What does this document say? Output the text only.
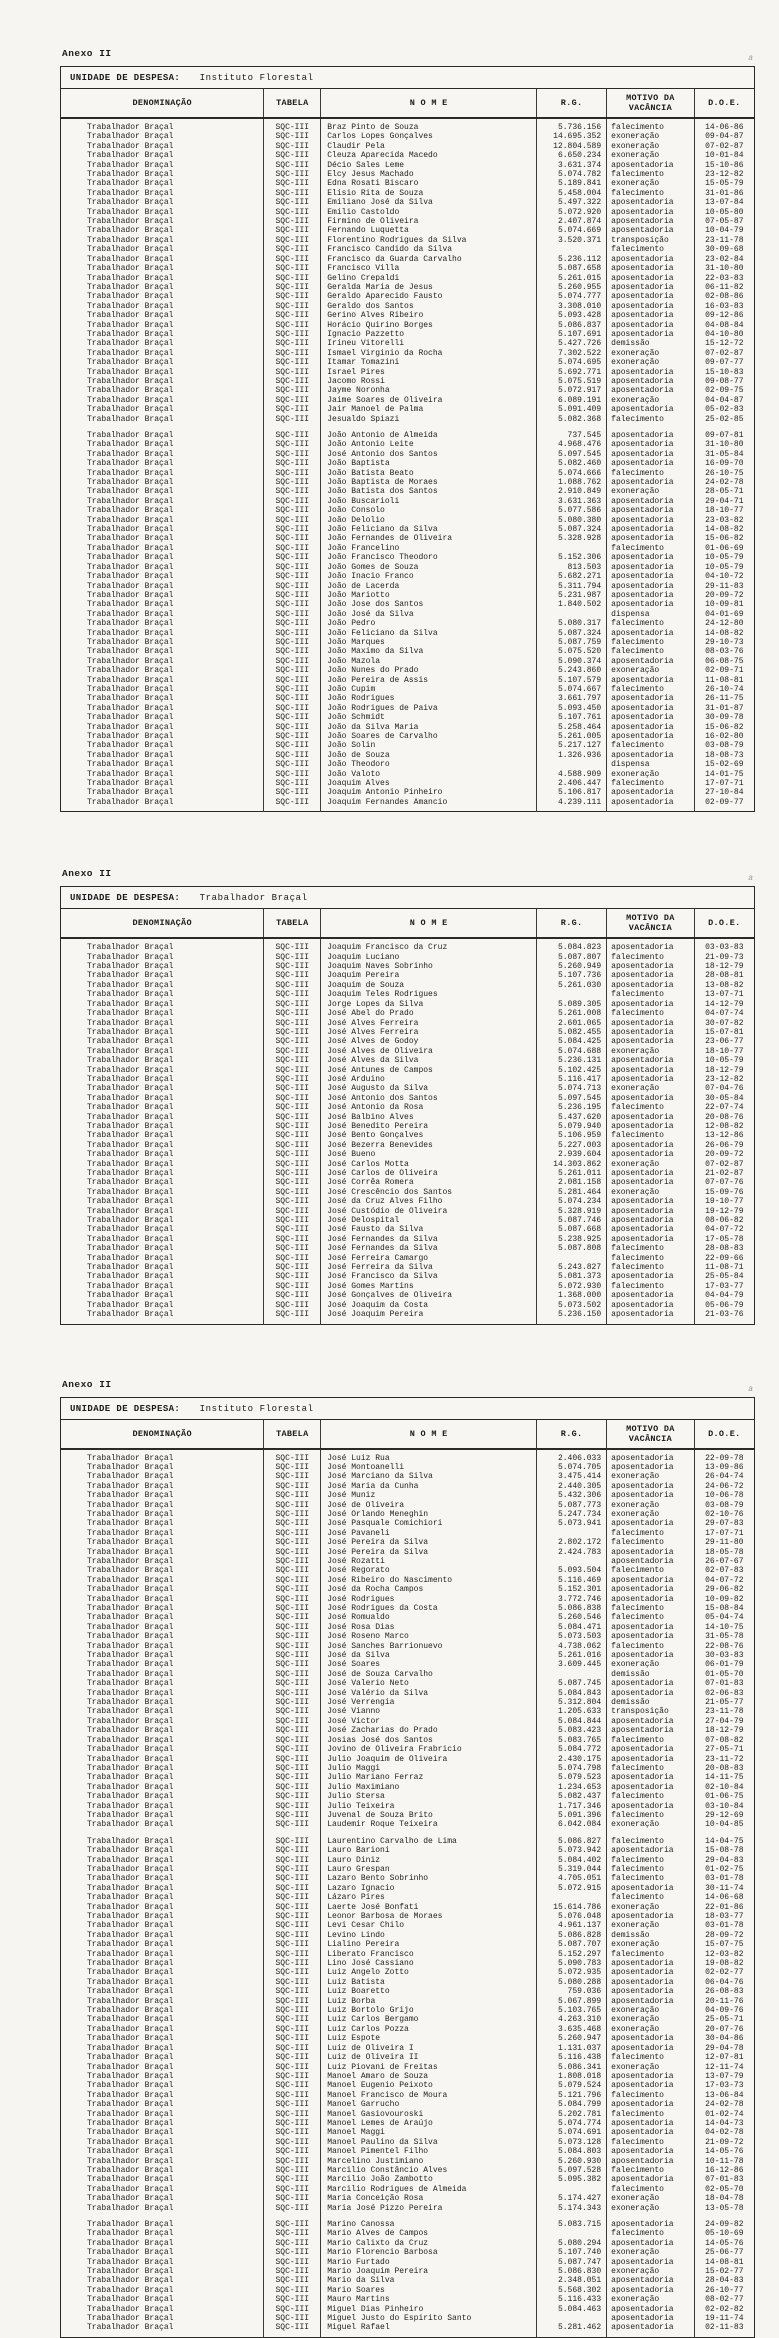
Anexo II	a
UNIDADE DE DESPESA: Instituto Florestal					
DENOMINAÇÃO	TABELA	N O M E	R.G.	MOTIVO DA
VACÂNCIA	D.O.E.
Trabalhador Braçal	SQC-III	Braz Pinto de Souza	5.736.156	falecimento	14-06-86
Trabalhador Braçal	SQC-III	Carlos Lopes Gonçalves	14.695.352	exoneração	09-04-87
Trabalhador Braçal	SQC-III	Claudir Pela	12.804.589	exoneração	07-02-87
Trabalhador Braçal	SQC-III	Cleuza Aparecida Macedo	6.650.234	exoneração	10-01-84
Trabalhador Braçal	SQC-III	Décio Sales Leme	3.631.374	aposentadoria	15-10-86
Trabalhador Braçal	SQC-III	Elcy Jesus Machado	5.074.782	falecimento	23-12-82
Trabalhador Braçal	SQC-III	Edna Rosati Biscaro	5.189.841	exoneração	15-05-79
Trabalhador Braçal	SQC-III	Elisio Rita de Souza	5.458.004	falecimento	31-01-86
Trabalhador Braçal	SQC-III	Emiliano José da Silva	5.497.322	aposentadoria	13-07-84
Trabalhador Braçal	SQC-III	Emilio Castoldo	5.072.920	aposentadoria	10-05-80
Trabalhador Braçal	SQC-III	Firmino de Oliveira	2.407.874	aposentadoria	07-05-87
Trabalhador Braçal	SQC-III	Fernando Luquetta	5.074.669	aposentadoria	10-04-79
Trabalhador Braçal	SQC-III	Florentino Rodrigues da Silva	3.520.371	transposição	23-11-78
Trabalhador Braçal	SQC-III	Francisco Candido da Silva		falecimento	30-09-68
Trabalhador Braçal	SQC-III	Francisco da Guarda Carvalho	5.236.112	aposentadoria	23-02-84
Trabalhador Braçal	SQC-III	Francisco Villa	5.087.658	aposentadoria	31-10-80
Trabalhador Braçal	SQC-III	Gelino Crepaldi	5.261.015	aposentadoria	22-03-83
Trabalhador Braçal	SQC-III	Geralda Maria de Jesus	5.260.955	aposentadoria	06-11-82
Trabalhador Braçal	SQC-III	Geraldo Aparecido Fausto	5.074.777	aposentadoria	02-08-86
Trabalhador Braçal	SQC-III	Geraldo dos Santos	3.308.010	aposentadoria	16-03-83
Trabalhador Braçal	SQC-III	Gerino Alves Ribeiro	5.093.428	aposentadoria	09-12-86
Trabalhador Braçal	SQC-III	Horácio Quirino Borges	5.086.837	aposentadoria	04-08-84
Trabalhador Braçal	SQC-III	Ignacio Pazzetto	5.107.691	aposentadoria	04-10-80
Trabalhador Braçal	SQC-III	Irineu Vitorelli	5.427.726	demissão	15-12-72
Trabalhador Braçal	SQC-III	Ismael Virginio da Rocha	7.302.522	exoneração	07-02-87
Trabalhador Braçal	SQC-III	Itamar Tomazini	5.074.695	exoneração	09-07-77
Trabalhador Braçal	SQC-III	Israel Pires	5.692.771	aposentadoria	15-10-83
Trabalhador Braçal	SQC-III	Jacomo Rossi	5.075.519	aposentadoria	09-08-77
Trabalhador Braçal	SQC-III	Jayme Noronha	5.072.917	aposentadoria	02-09-75
Trabalhador Braçal	SQC-III	Jaime Soares de Oliveira	6.089.191	exoneração	04-04-87
Trabalhador Braçal	SQC-III	Jair Manoel de Palma	5.091.409	aposentadoria	05-02-83
Trabalhador Braçal	SQC-III	Jesualdo Spiazi	5.082.368	falecimento	25-02-85

Trabalhador Braçal	SQC-III	João Antonio de Almeida	737.545	aposentadoria	09-07-81
Trabalhador Braçal	SQC-III	João Antonio Leite	4.968.476	aposentadoria	31-10-80
Trabalhador Braçal	SQC-III	José Antonio dos Santos	5.097.545	aposentadoria	31-05-84
Trabalhador Braçal	SQC-III	João Baptista	5.082.460	aposentadoria	16-09-70
Trabalhador Braçal	SQC-III	João Batista Beato	5.074.666	falecimento	26-10-75
Trabalhador Braçal	SQC-III	João Baptista de Moraes	1.088.762	aposentadoria	24-02-78
Trabalhador Braçal	SQC-III	João Batista dos Santos	2.910.849	exoneração	28-05-71
Trabalhador Braçal	SQC-III	João Buscarioli	3.631.363	aposentadoria	29-04-71
Trabalhador Braçal	SQC-III	João Consolo	5.077.586	aposentadoria	18-10-77
Trabalhador Braçal	SQC-III	João Delolio	5.080.380	aposentadoria	23-03-82
Trabalhador Braçal	SQC-III	João Feliciano da Silva	5.087.324	aposentadoria	14-08-82
Trabalhador Braçal	SQC-III	João Fernandes de Oliveira	5.328.928	aposentadoria	15-06-82
Trabalhador Braçal	SQC-III	João Francelino		falecimento	01-06-69
Trabalhador Braçal	SQC-III	João Francisco Theodoro	5.152.306	aposentadoria	10-05-79
Trabalhador Braçal	SQC-III	João Gomes de Souza	813.503	aposentadoria	10-05-79
Trabalhador Braçal	SQC-III	João Inacio Franco	5.682.271	aposentadoria	04-10-72
Trabalhador Braçal	SQC-III	João de Lacerda	5.311.794	aposentadoria	29-11-83
Trabalhador Braçal	SQC-III	João Mariotto	5.231.987	aposentadoria	20-09-72
Trabalhador Braçal	SQC-III	João Jose dos Santos	1.840.502	aposentadoria	10-09-81
Trabalhador Braçal	SQC-III	João José da Silva		dispensa	04-01-69
Trabalhador Braçal	SQC-III	João Pedro	5.080.317	falecimento	24-12-80
Trabalhador Braçal	SQC-III	João Feliciano da Silva	5.087.324	aposentadoria	14-08-82
Trabalhador Braçal	SQC-III	João Marques	5.087.759	falecimento	29-10-73
Trabalhador Braçal	SQC-III	João Maximo da Silva	5.075.520	falecimento	08-03-76
Trabalhador Braçal	SQC-III	João Mazola	5.090.374	aposentadoria	06-08-75
Trabalhador Braçal	SQC-III	João Nunes do Prado	5.243.860	exoneração	02-09-71
Trabalhador Braçal	SQC-III	João Pereira de Assis	5.107.579	aposentadoria	11-08-81
Trabalhador Braçal	SQC-III	João Cupim	5.074.667	falecimento	26-10-74
Trabalhador Braçal	SQC-III	João Rodrigues	3.661.797	aposentadoria	26-11-75
Trabalhador Braçal	SQC-III	João Rodrigues de Paiva	5.093.450	aposentadoria	31-01-87
Trabalhador Braçal	SQC-III	João Schmidt	5.107.761	aposentadoria	30-09-78
Trabalhador Braçal	SQC-III	João da Silva Maria	5.258.464	aposentadoria	15-06-82
Trabalhador Braçal	SQC-III	João Soares de Carvalho	5.261.005	aposentadoria	16-02-80
Trabalhador Braçal	SQC-III	João Solin	5.217.127	falecimento	03-08-79
Trabalhador Braçal	SQC-III	João de Souza	1.326.936	aposentadoria	18-08-73
Trabalhador Braçal	SQC-III	João Theodoro		dispensa	15-02-69
Trabalhador Braçal	SQC-III	João Valoto	4.588.909	exoneração	14-01-75
Trabalhador Braçal	SQC-III	Joaquim Alves	2.406.447	falecimento	17-07-71
Trabalhador Braçal	SQC-III	Joaquim Antonio Pinheiro	5.106.817	aposentadoria	27-10-84
Trabalhador Braçal	SQC-III	Joaquim Fernandes Amancio	4.239.111	aposentadoria	02-09-77
Anexo II	a
UNIDADE DE DESPESA: Trabalhador Braçal					
DENOMINAÇÃO	TABELA	N O M E	R.G.	MOTIVO DA
VACÂNCIA	D.O.E.
Trabalhador Braçal	SQC-III	Joaquim Francisco da Cruz	5.084.823	aposentadoria	03-03-83
Trabalhador Braçal	SQC-III	Joaquim Luciano	5.087.807	falecimento	21-09-73
Trabalhador Braçal	SQC-III	Joaquim Naves Sobrinho	5.260.949	aposentadoria	18-12-79
Trabalhador Braçal	SQC-III	Joaquim Pereira	5.107.736	aposentadoria	28-08-81
Trabalhador Braçal	SQC-III	Joaquim de Souza	5.261.030	aposentadoria	13-08-82
Trabalhador Braçal	SQC-III	Joaquim Teles Rodrigues		falecimento	13-07-71
Trabalhador Braçal	SQC-III	Jorge Lopes da Silva	5.089.305	aposentadoria	14-12-79
Trabalhador Braçal	SQC-III	José Abel do Prado	5.261.008	falecimento	04-07-74
Trabalhador Braçal	SQC-III	José Alves Ferreira	2.601.065	aposentadoria	30-07-82
Trabalhador Braçal	SQC-III	José Alves Ferreira	5.082.455	aposentadoria	15-07-81
Trabalhador Braçal	SQC-III	José Alves de Godoy	5.084.425	aposentadoria	23-06-77
Trabalhador Braçal	SQC-III	José Alves de Oliveira	5.074.688	exoneração	18-10-77
Trabalhador Braçal	SQC-III	José Alves da Silva	5.236.131	aposentadoria	10-05-79
Trabalhador Braçal	SQC-III	José Antunes de Campos	5.102.425	aposentadoria	18-12-79
Trabalhador Braçal	SQC-III	José Arduino	5.116.417	aposentadoria	23-12-82
Trabalhador Braçal	SQC-III	José Augusto da Silva	5.074.713	exoneração	07-04-76
Trabalhador Braçal	SQC-III	José Antonio dos Santos	5.097.545	aposentadoria	30-05-84
Trabalhador Braçal	SQC-III	José Antonio da Rosa	5.236.195	falecimento	22-07-74
Trabalhador Braçal	SQC-III	José Balbino Alves	5.437.620	aposentadoria	20-08-76
Trabalhador Braçal	SQC-III	José Benedito Pereira	5.079.940	aposentadoria	12-08-82
Trabalhador Braçal	SQC-III	José Bento Gonçalves	5.106.959	falecimento	13-12-86
Trabalhador Braçal	SQC-III	José Bezerra Benevides	5.227.003	aposentadoria	26-06-79
Trabalhador Braçal	SQC-III	José Bueno	2.939.604	aposentadoria	20-09-72
Trabalhador Braçal	SQC-III	José Carlos Motta	14.303.862	exoneração	07-02-87
Trabalhador Braçal	SQC-III	José Carlos de Oliveira	5.261.011	aposentadoria	21-02-87
Trabalhador Braçal	SQC-III	José Corrêa Romera	2.081.158	aposentadoria	07-07-76
Trabalhador Braçal	SQC-III	José Crescêncio dos Santos	5.281.464	exoneração	15-09-76
Trabalhador Braçal	SQC-III	José da Cruz Alves Filho	5.074.234	aposentadoria	19-10-77
Trabalhador Braçal	SQC-III	José Custódio de Oliveira	5.328.919	aposentadoria	19-12-79
Trabalhador Braçal	SQC-III	José Delospital	5.087.746	aposentadoria	08-06-82
Trabalhador Braçal	SQC-III	José Fausto da Silva	5.087.668	aposentadoria	04-07-72
Trabalhador Braçal	SQC-III	José Fernandes da Silva	5.238.925	aposentadoria	17-05-78
Trabalhador Braçal	SQC-III	José Fernandes da Silva	5.087.808	falecimento	28-08-83
Trabalhador Braçal	SQC-III	José Ferreira Camargo		falecimento	22-09-66
Trabalhador Braçal	SQC-III	José Ferreira da Silva	5.243.827	falecimento	11-08-71
Trabalhador Braçal	SQC-III	José Francisco da Silva	5.081.373	aposentadoria	25-05-84
Trabalhador Braçal	SQC-III	José Gomes Martins	5.072.930	falecimento	17-03-77
Trabalhador Braçal	SQC-III	José Gonçalves de Oliveira	1.368.000	aposentadoria	04-04-79
Trabalhador Braçal	SQC-III	José Joaquim da Costa	5.073.502	aposentadoria	05-06-79
Trabalhador Braçal	SQC-III	José Joaquim Pereira	5.236.150	aposentadoria	21-03-76
Anexo II	a
UNIDADE DE DESPESA: Instituto Florestal					
DENOMINAÇÃO	TABELA	N O M E	R.G.	MOTIVO DA
VACÂNCIA	D.O.E.
Trabalhador Braçal	SQC-III	José Luiz Rua	2.406.033	aposentadoria	22-09-78
Trabalhador Braçal	SQC-III	José Montoanelli	5.074.705	aposentadoria	13-09-86
Trabalhador Braçal	SQC-III	José Marciano da Silva	3.475.414	exoneração	26-04-74
Trabalhador Braçal	SQC-III	José Maria da Cunha	2.440.305	aposentadoria	24-06-72
Trabalhador Braçal	SQC-III	José Muniz	5.432.306	aposentadoria	10-06-78
Trabalhador Braçal	SQC-III	José de Oliveira	5.087.773	exoneração	03-08-79
Trabalhador Braçal	SQC-III	José Orlando Meneghin	5.247.734	exoneração	02-10-76
Trabalhador Braçal	SQC-III	José Pasquale Comichiori	5.073.941	aposentadoria	29-07-83
Trabalhador Braçal	SQC-III	José Pavaneli		falecimento	17-07-71
Trabalhador Braçal	SQC-III	José Pereira da Silva	2.802.172	falecimento	29-11-80
Trabalhador Braçal	SQC-III	José Pereira da Silva	2.424.783	aposentadoria	18-05-78
Trabalhador Braçal	SQC-III	José Rozatti		aposentadoria	26-07-67
Trabalhador Braçal	SQC-III	José Regorato	5.093.504	falecimento	02-07-83
Trabalhador Braçal	SQC-III	José Ribeiro do Nascimento	5.116.469	aposentadoria	04-07-72
Trabalhador Braçal	SQC-III	José da Rocha Campos	5.152.301	aposentadoria	29-06-82
Trabalhador Braçal	SQC-III	José Rodrigues	3.772.746	aposentadoria	10-09-82
Trabalhador Braçal	SQC-III	José Rodrigues da Costa	5.086.838	falecimento	15-08-84
Trabalhador Braçal	SQC-III	José Romualdo	5.260.546	falecimento	05-04-74
Trabalhador Braçal	SQC-III	José Rosa Dias	5.084.471	aposentadoria	14-10-75
Trabalhador Braçal	SQC-III	José Roseno Marco	5.073.503	aposentadoria	31-05-78
Trabalhador Braçal	SQC-III	José Sanches Barrionuevo	4.738.062	falecimento	22-08-76
Trabalhador Braçal	SQC-III	José da Silva	5.261.016	aposentadoria	30-03-83
Trabalhador Braçal	SQC-III	José Soares	3.609.445	exoneração	06-01-79
Trabalhador Braçal	SQC-III	José de Souza Carvalho		demissão	01-05-70
Trabalhador Braçal	SQC-III	José Valerio Neto	5.087.745	aposentadoria	07-01-83
Trabalhador Braçal	SQC-III	José Valério da Silva	5.084.843	aposentadoria	02-06-83
Trabalhador Braçal	SQC-III	José Verrengia	5.312.804	demissão	21-05-77
Trabalhador Braçal	SQC-III	José Vianno	1.205.633	transposição	23-11-78
Trabalhador Braçal	SQC-III	José Victor	5.084.844	aposentadoria	27-04-79
Trabalhador Braçal	SQC-III	José Zacharias do Prado	5.083.423	aposentadoria	18-12-79
Trabalhador Braçal	SQC-III	Josias José dos Santos	5.083.765	falecimento	07-08-82
Trabalhador Braçal	SQC-III	Jovino de Oliveira Frabricio	5.084.772	aposentadoria	27-05-71
Trabalhador Braçal	SQC-III	Julio Joaquim de Oliveira	2.430.175	aposentadoria	23-11-72
Trabalhador Braçal	SQC-III	Julio Maggi	5.074.798	falecimento	20-08-83
Trabalhador Braçal	SQC-III	Julio Mariano Ferraz	5.079.523	aposentadoria	14-11-75
Trabalhador Braçal	SQC-III	Julio Maximiano	1.234.653	aposentadoria	02-10-84
Trabalhador Braçal	SQC-III	Julio Stersa	5.082.437	falecimento	01-06-75
Trabalhador Braçal	SQC-III	Julio Teixeira	1.717.346	aposentadoria	03-10-84
Trabalhador Braçal	SQC-III	Juvenal de Souza Brito	5.091.396	falecimento	29-12-69
Trabalhador Braçal	SQC-III	Laudemir Roque Teixeira	6.042.084	exoneração	10-04-85

Trabalhador Braçal	SQC-III	Laurentino Carvalho de Lima	5.086.827	falecimento	14-04-75
Trabalhador Braçal	SQC-III	Lauro Barioni	5.073.942	aposentadoria	15-08-78
Trabalhador Braçal	SQC-III	Lauro Diniz	5.084.402	falecimento	29-04-83
Trabalhador Braçal	SQC-III	Lauro Grespan	5.319.044	falecimento	01-02-75
Trabalhador Braçal	SQC-III	Lazaro Bento Sobrinho	4.705.051	falecimento	03-01-78
Trabalhador Braçal	SQC-III	Lazaro Ignacio	5.072.915	aposentadoria	30-11-74
Trabalhador Braçal	SQC-III	Lázaro Pires		falecimento	14-06-68
Trabalhador Braçal	SQC-III	Laerte José Bonfati	15.614.786	exoneração	22-01-86
Trabalhador Braçal	SQC-III	Leonor Barbosa de Moraes	5.076.048	aposentadoria	18-03-77
Trabalhador Braçal	SQC-III	Levi Cesar Chilo	4.961.137	exoneração	03-01-78
Trabalhador Braçal	SQC-III	Levino Lindo	5.086.828	demissão	28-09-72
Trabalhador Braçal	SQC-III	Lialino Pereira	5.087.707	exoneração	15-07-75
Trabalhador Braçal	SQC-III	Liberato Francisco	5.152.297	falecimento	12-03-82
Trabalhador Braçal	SQC-III	Lino José Cassiano	5.090.783	aposentadoria	19-08-82
Trabalhador Braçal	SQC-III	Luiz Angelo Zotto	5.072.935	aposentadoria	02-02-77
Trabalhador Braçal	SQC-III	Luiz Batista	5.080.288	aposentadoria	06-04-76
Trabalhador Braçal	SQC-III	Luiz Boaretto	759.036	aposentadoria	26-08-83
Trabalhador Braçal	SQC-III	Luiz Borba	5.067.899	aposentadoria	20-11-76
Trabalhador Braçal	SQC-III	Luiz Bortolo Grijo	5.103.765	exoneração	04-09-76
Trabalhador Braçal	SQC-III	Luiz Carlos Bergamo	4.263.310	exoneração	25-05-71
Trabalhador Braçal	SQC-III	Luiz Carlos Pozza	3.635.468	exoneração	20-07-76
Trabalhador Braçal	SQC-III	Luiz Espote	5.260.947	aposentadoria	30-04-86
Trabalhador Braçal	SQC-III	Luiz de Oliveira I	1.131.037	aposentadoria	29-04-78
Trabalhador Braçal	SQC-III	Luiz de Oliveira II	5.116.438	falecimento	12-07-81
Trabalhador Braçal	SQC-III	Luiz Piovani de Freitas	5.086.341	exoneração	12-11-74
Trabalhador Braçal	SQC-III	Manoel Amaro de Souza	1.808.018	aposentadoria	13-07-79
Trabalhador Braçal	SQC-III	Manoel Eugenio Peixoto	5.079.524	aposentadoria	17-03-73
Trabalhador Braçal	SQC-III	Manoel Francisco de Moura	5.121.796	falecimento	13-06-84
Trabalhador Braçal	SQC-III	Manoel Garrucho	5.084.799	aposentadoria	24-02-78
Trabalhador Braçal	SQC-III	Manoel Gasiovouroski	5.202.781	falecimento	01-02-74
Trabalhador Braçal	SQC-III	Manoel Lemes de Araújo	5.074.774	aposentadoria	14-04-73
Trabalhador Braçal	SQC-III	Manoel Maggi	5.074.691	aposentadoria	04-02-78
Trabalhador Braçal	SQC-III	Manoel Paulino da Silva	5.073.128	falecimento	21-09-72
Trabalhador Braçal	SQC-III	Manoel Pimentel Filho	5.084.803	aposentadoria	14-05-76
Trabalhador Braçal	SQC-III	Marcelino Justimiano	5.260.930	aposentadoria	10-11-78
Trabalhador Braçal	SQC-III	Marcilio Constâncio Alves	5.097.528	falecimento	16-12-86
Trabalhador Braçal	SQC-III	Marcilio João Zambotto	5.095.382	aposentadoria	07-01-83
Trabalhador Braçal	SQC-III	Marcilio Rodrigues de Almeida		falecimento	02-05-70
Trabalhador Braçal	SQC-III	Maria Conceição Rosa	5.174.427	exoneração	18-04-78
Trabalhador Braçal	SQC-III	Maria José Pizzo Pereira	5.174.343	exoneração	13-05-78

Trabalhador Braçal	SQC-III	Marino Canossa	5.083.715	aposentadoria	24-09-82
Trabalhador Braçal	SQC-III	Mario Alves de Campos		falecimento	05-10-69
Trabalhador Braçal	SQC-III	Mario Calixto da Cruz	5.080.294	aposentadoria	14-05-76
Trabalhador Braçal	SQC-III	Mario Florencio Barbosa	5.107.740	exoneração	25-06-77
Trabalhador Braçal	SQC-III	Mario Furtado	5.087.747	aposentadoria	14-08-81
Trabalhador Braçal	SQC-III	Mario Joaquim Pereira	5.086.830	exoneração	15-02-77
Trabalhador Braçal	SQC-III	Mario da Silva	2.348.051	aposentadoria	28-04-83
Trabalhador Braçal	SQC-III	Mario Soares	5.568.302	aposentadoria	26-10-77
Trabalhador Braçal	SQC-III	Mauro Martins	5.116.433	exoneração	08-02-77
Trabalhador Braçal	SQC-III	Miguel Dias Pinheiro	5.084.463	aposentadoria	02-02-82
Trabalhador Braçal	SQC-III	Miguel Justo do Espirito Santo		aposentadoria	19-11-74
Trabalhador Braçal	SQC-III	Miguel Rafael	5.281.462	aposentadoria	02-11-83
